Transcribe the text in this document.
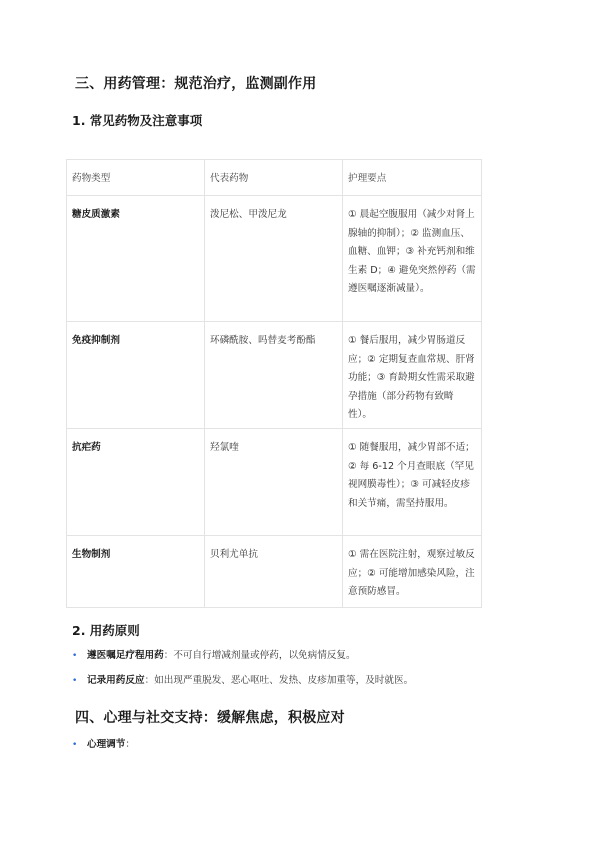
三、用药管理：规范治疗，监测副作用
1. 常见药物及注意事项
药物类型	代表药物	护理要点
糖皮质激素	泼尼松、甲泼尼龙	① 晨起空腹服用（减少对肾上腺轴的抑制）；② 监测血压、血糖、血钾；③ 补充钙剂和维生素 D；④ 避免突然停药（需遵医嘱逐渐减量）。
免疫抑制剂	环磷酰胺、吗替麦考酚酯	① 餐后服用，减少胃肠道反应；② 定期复查血常规、肝肾功能；③ 育龄期女性需采取避孕措施（部分药物有致畸性）。
抗疟药	羟氯喹	① 随餐服用，减少胃部不适；② 每 6-12 个月查眼底（罕见视网膜毒性）；③ 可减轻皮疹和关节痛，需坚持服用。
生物制剂	贝利尤单抗	① 需在医院注射，观察过敏反应；② 可能增加感染风险，注意预防感冒。
2. 用药原则
• 遵医嘱足疗程用药：不可自行增减剂量或停药，以免病情反复。
• 记录用药反应：如出现严重脱发、恶心呕吐、发热、皮疹加重等，及时就医。
四、心理与社交支持：缓解焦虑，积极应对
• 心理调节：
